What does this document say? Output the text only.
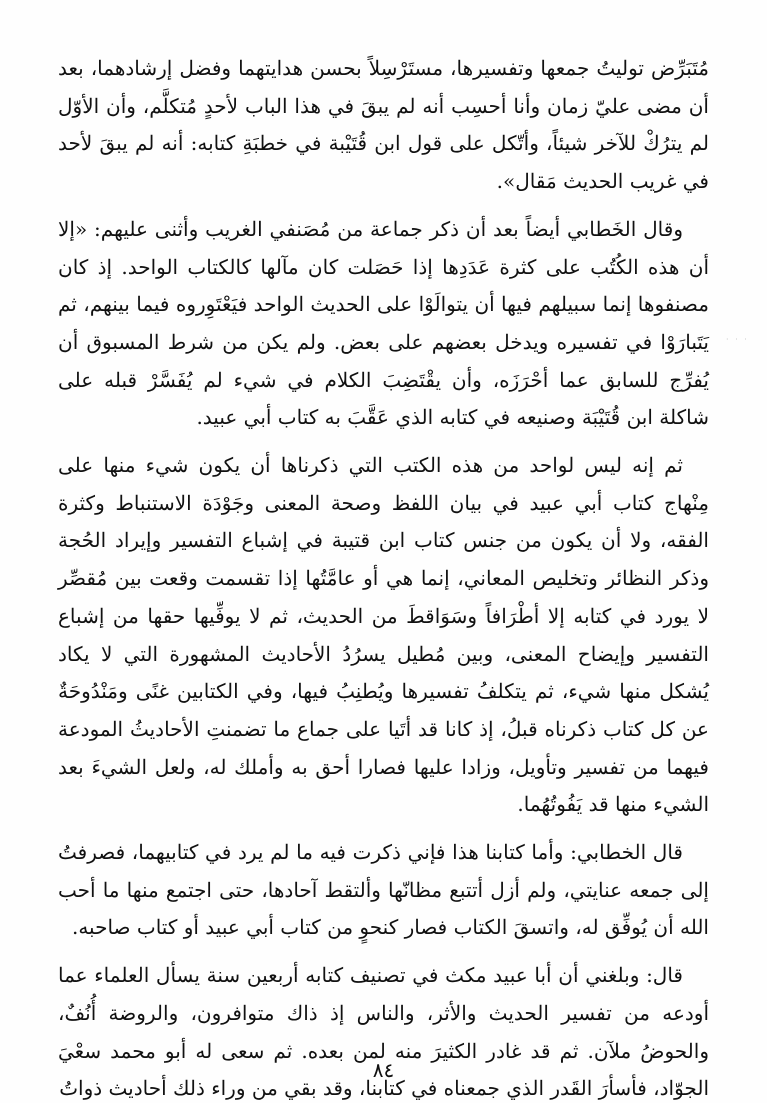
مُتَبَرِّض توليتُ جمعها وتفسيرها، مستَرْسِلاً بحسن هدايتهما وفضل إرشادهما، بعد أن مضى عليّ زمان وأنا أحسِب أنه لم يبقَ في هذا الباب لأحدٍ مُتكلَّم، وأن الأوّل لم يترُكْ للآخر شيئاً، وأتّكل على قول ابن قُتَيْبة في خطبَةِ كتابه: أنه لم يبقَ لأحد في غريب الحديث مَقال».

وقال الخَطابي أيضاً بعد أن ذكر جماعة من مُصَنفي الغريب وأثنى عليهم: «إلا أن هذه الكُتُب على كثرة عَدَدِها إذا حَصَلت كان مآلها كالكتاب الواحد. إذ كان مصنفوها إنما سبيلهم فيها أن يتوالَوْا على الحديث الواحد فيَعْتَوِروه فيما بينهم، ثم يَتَبارَوْا في تفسيره ويدخل بعضهم على بعض. ولم يكن من شرط المسبوق أن يُفرِّج للسابق عما أحْرَزَه، وأن يقْتَضِبَ الكلام في شيء لم يُفَسَّرْ قبله على شاكلة ابن قُتَيْبَة وصنيعه في كتابه الذي عَقَّبَ به كتاب أبي عبيد.

ثم إنه ليس لواحد من هذه الكتب التي ذكرناها أن يكون شيء منها على مِنْهاج كتاب أبي عبيد في بيان اللفظ وصحة المعنى وجَوْدَة الاستنباط وكثرة الفقه، ولا أن يكون من جنس كتاب ابن قتيبة في إشباع التفسير وإيراد الحُجة وذكر النظائر وتخليص المعاني، إنما هي أو عامَّتُها إذا تقسمت وقعت بين مُقصِّر لا يورد في كتابه إلا أطْرَافاً وسَوَاقطَ من الحديث، ثم لا يوفِّيها حقها من إشباع التفسير وإيضاح المعنى، وبين مُطيل يسرُدُ الأحاديث المشهورة التي لا يكاد يُشكل منها شيء، ثم يتكلفُ تفسيرها ويُطنِبُ فيها، وفي الكتابين غنًى ومَنْدُوحَةٌ عن كل كتاب ذكرناه قبلُ، إذ كانا قد أتَيا على جماع ما تضمنتِ الأحاديثُ المودعة فيهما من تفسير وتأويل، وزادا عليها فصارا أحق به وأملك له، ولعل الشيءَ بعد الشيء منها قد يَفُوتُهُما.

قال الخطابي: وأما كتابنا هذا فإني ذكرت فيه ما لم يرد في كتابيهما، فصرفتُ إلى جمعه عنايتي، ولم أزل أتتبع مظانّها وألتقط آحادها، حتى اجتمع منها ما أحب الله أن يُوفِّق له، واتسقَ الكتاب فصار كنحوٍ من كتاب أبي عبيد أو كتاب صاحبه.

قال: وبلغني أن أبا عبيد مكث في تصنيف كتابه أربعين سنة يسأل العلماء عما أودعه من تفسير الحديث والأثر، والناس إذ ذاك متوافرون، والروضة أُنُفٌ، والحوضُ ملآن. ثم قد غادر الكثيرَ منه لمن بعده. ثم سعى له أبو محمد سعْيَ الجوّاد، فأسأرَ القَدر الذي جمعناه في كتابنا، وقد بقي من وراء ذلك أحاديث ذواتُ

· · ·
٨٤
